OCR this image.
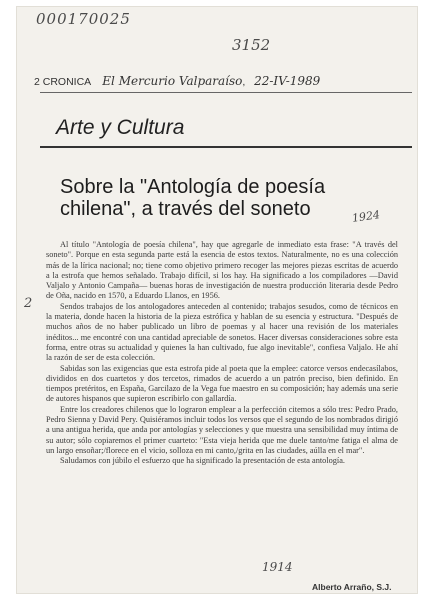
000170025
3152
2 CRONICA El Mercurio Valparaíso,   22-IV-1989
Arte y Cultura
Sobre la "Antología de poesía chilena", a través del soneto	1924

Al título "Antología de poesía chilena", hay que agregarle de inmediato esta frase: "A través del soneto". Porque en esta segunda parte está la esencia de estos textos. Naturalmente, no es una colección más de la lírica nacional; no; tiene como objetivo primero recoger las mejores piezas escritas de acuerdo a la estrofa que hemos señalado. Trabajo difícil, si los hay. Ha significado a los compiladores —David Valjalo y Antonio Campaña— buenas horas de investigación de nuestra producción literaria desde Pedro de Oña, nacido en 1570, a Eduardo Llanos, en 1956.

Sendos trabajos de los antologadores anteceden al contenido; trabajos sesudos, como de técnicos en la materia, donde hacen la historia de la pieza estrófica y hablan de su esencia y estructura. "Después de muchos años de no haber publicado un libro de poemas y al hacer una revisión de los materiales inéditos... me encontré con una cantidad apreciable de sonetos. Hacer diversas consideraciones sobre esta forma, entre otras su actualidad y quienes la han cultivado, fue algo inevitable", confiesa Valjalo. He ahí la razón de ser de esta colección.

Sabidas son las exigencias que esta estrofa pide al poeta que la emplee: catorce versos endecasílabos, divididos en dos cuartetos y dos tercetos, rimados de acuerdo a un patrón preciso, bien definido. En tiempos pretéritos, en España, Garcilazo de la Vega fue maestro en su composición; hay además una serie de autores hispanos que supieron escribirlo con gallardía.

Entre los creadores chilenos que lo lograron emplear a la perfección citemos a sólo tres: Pedro Prado, Pedro Sienna y David Pery. Quisiéramos incluir todos los versos que el segundo de los nombrados dirigió a una antigua herida, que anda por antologías y selecciones y que muestra una sensibilidad muy íntima de su autor; sólo copiaremos el primer cuarteto: "Esta vieja herida que me duele tanto/me fatiga el alma de un largo ensoñar;/florece en el vicio, solloza en mi canto,/grita en las ciudades, aúlla en el mar".

Saludamos con júbilo el esfuerzo que ha significado la presentación de esta antología.

2
1914
Alberto Arraño, S.J.
